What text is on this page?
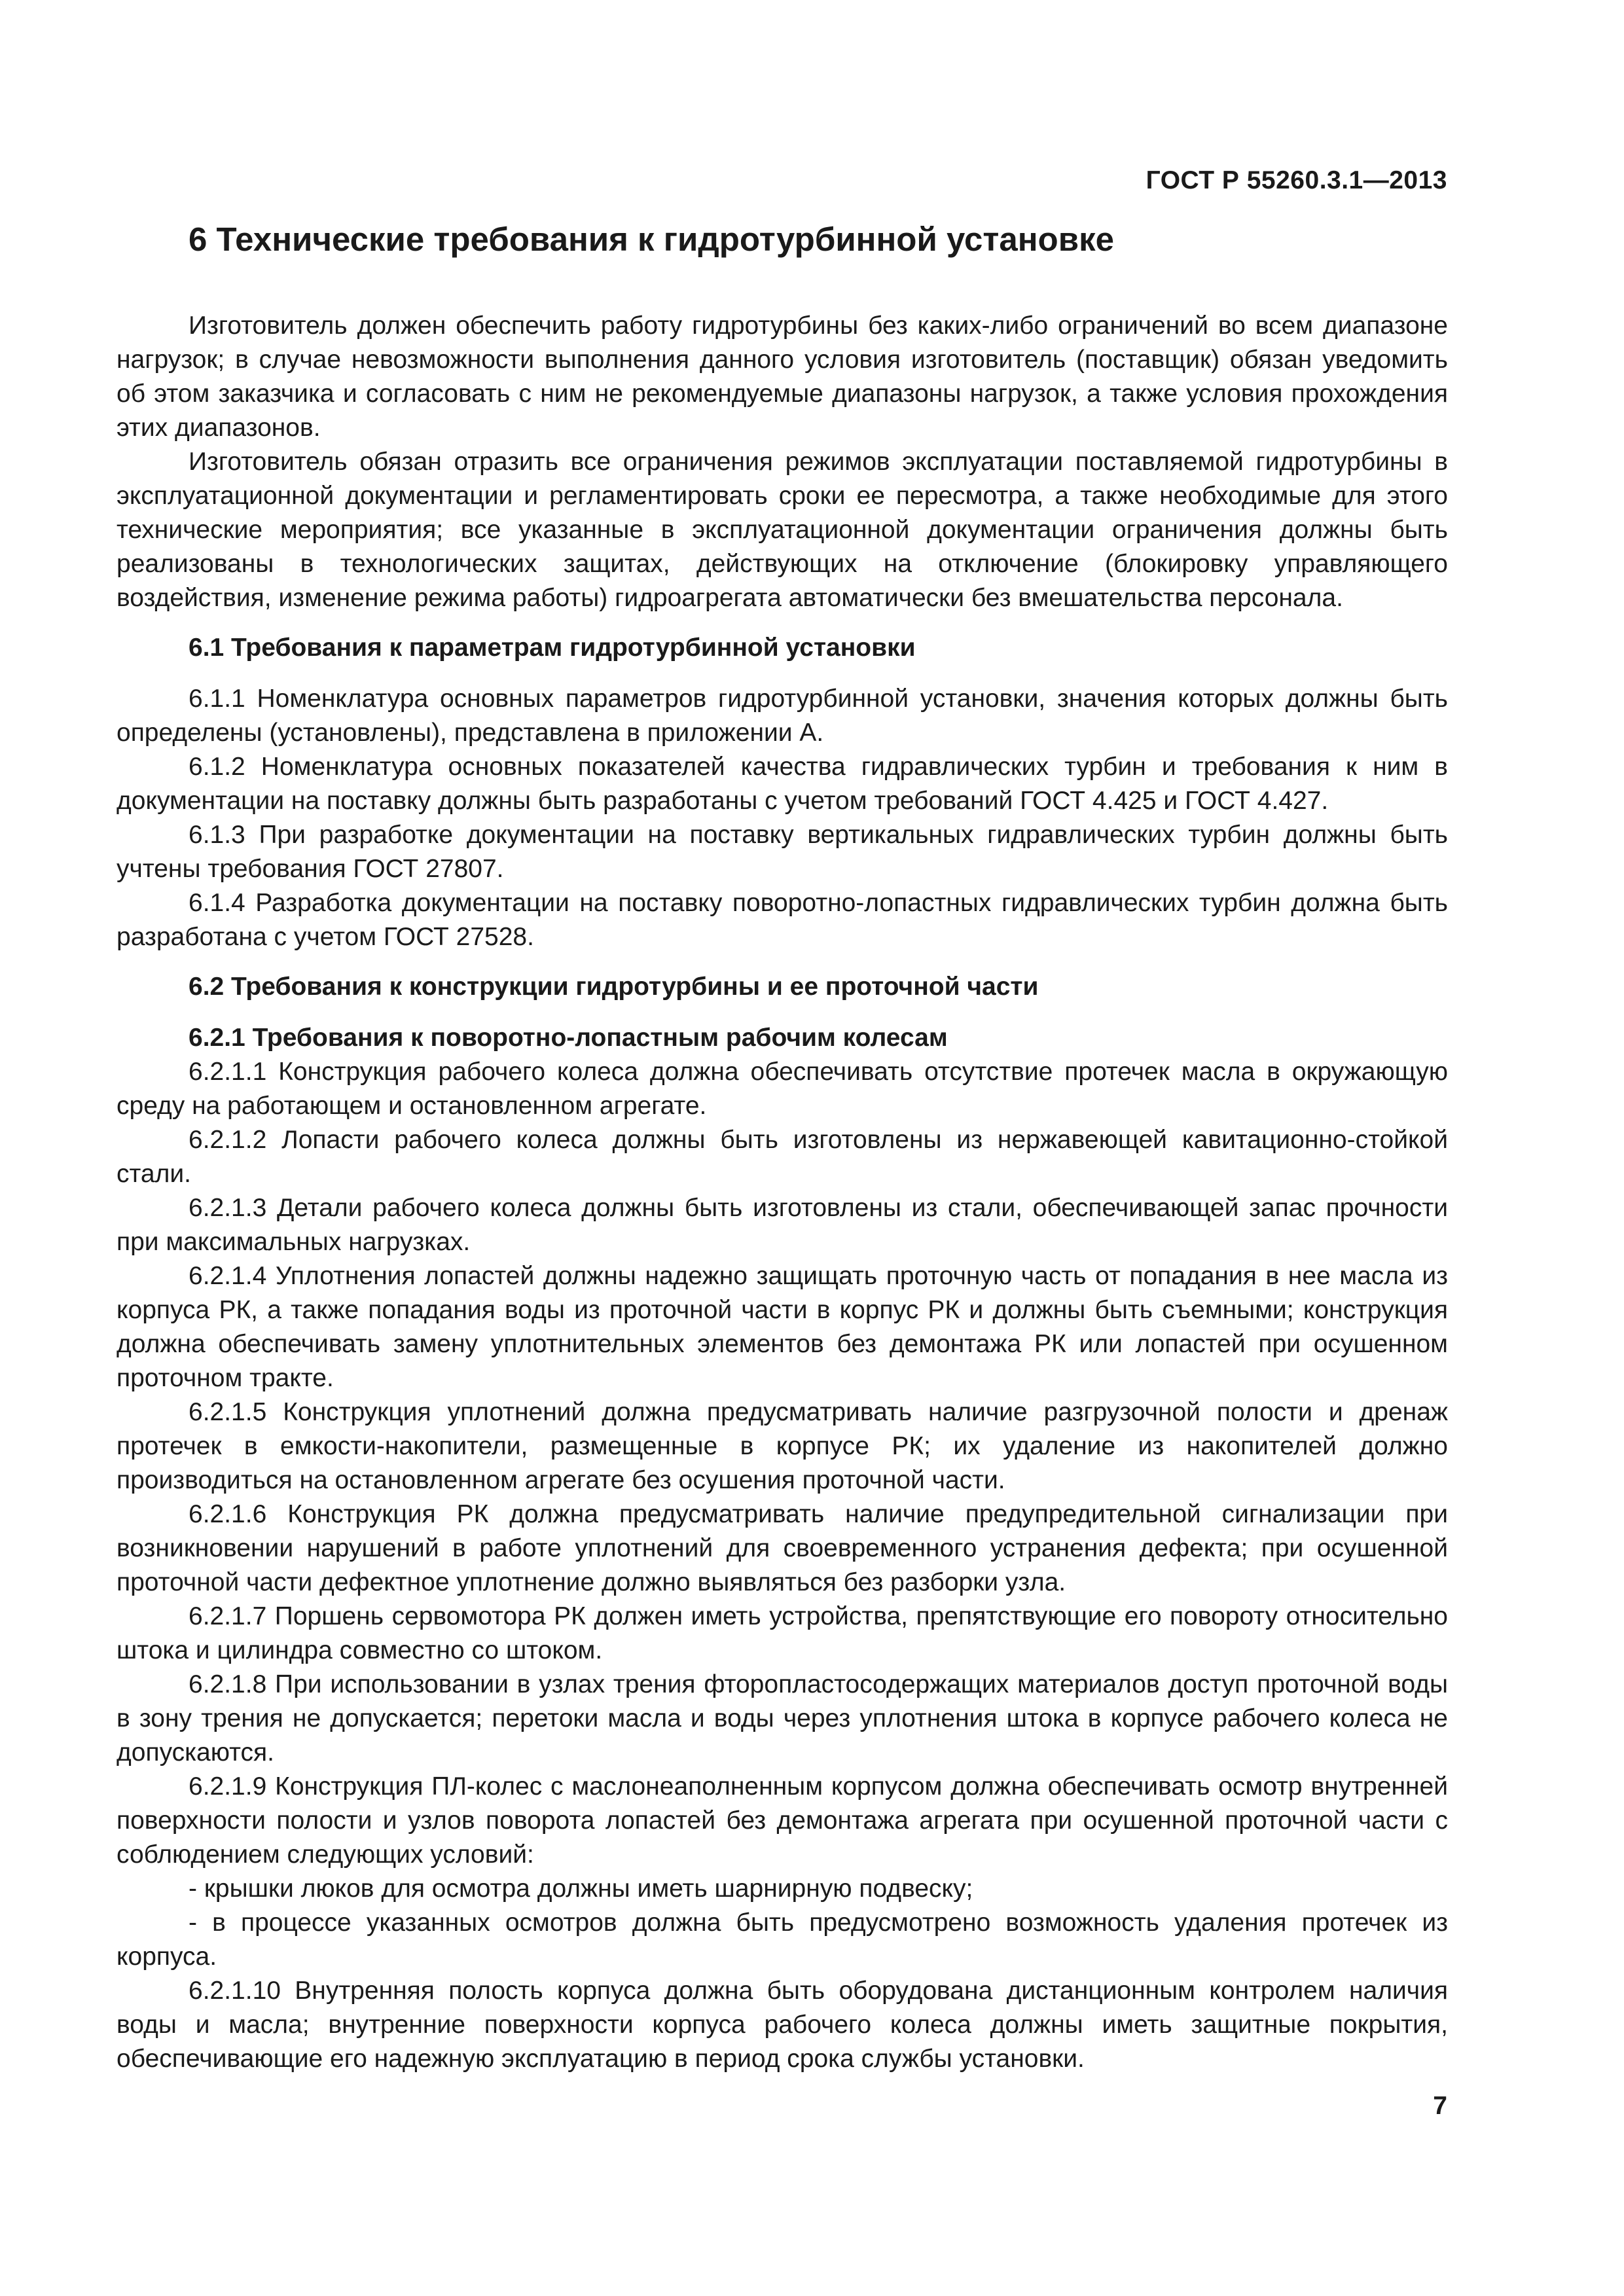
ГОСТ Р 55260.3.1—2013
6 Технические требования к гидротурбинной установке

Изготовитель должен обеспечить работу гидротурбины без каких-либо ограничений во всем диапазоне нагрузок; в случае невозможности выполнения данного условия изготовитель (поставщик) обязан уведомить об этом заказчика и согласовать с ним не рекомендуемые диапазоны нагрузок, а также условия прохождения этих диапазонов.

Изготовитель обязан отразить все ограничения режимов эксплуатации поставляемой гидротурбины в эксплуатационной документации и регламентировать сроки ее пересмотра, а также необходимые для этого технические мероприятия; все указанные в эксплуатационной документации ограничения должны быть реализованы в технологических защитах, действующих на отключение (блокировку управляющего воздействия, изменение режима работы) гидроагрегата автоматически без вмешательства персонала.

6.1 Требования к параметрам гидротурбинной установки

6.1.1 Номенклатура основных параметров гидротурбинной установки, значения которых должны быть определены (установлены), представлена в приложении А.

6.1.2 Номенклатура основных показателей качества гидравлических турбин и требования к ним в документации на поставку должны быть разработаны с учетом требований ГОСТ 4.425 и ГОСТ 4.427.

6.1.3 При разработке документации на поставку вертикальных гидравлических турбин должны быть учтены требования ГОСТ 27807.

6.1.4 Разработка документации на поставку поворотно-лопастных гидравлических турбин должна быть разработана с учетом ГОСТ 27528.

6.2 Требования к конструкции гидротурбины и ее проточной части
6.2.1 Требования к поворотно-лопастным рабочим колесам

6.2.1.1 Конструкция рабочего колеса должна обеспечивать отсутствие протечек масла в окружающую среду на работающем и остановленном агрегате.

6.2.1.2 Лопасти рабочего колеса должны быть изготовлены из нержавеющей кавитационно-стойкой стали.

6.2.1.3 Детали рабочего колеса должны быть изготовлены из стали, обеспечивающей запас прочности при максимальных нагрузках.

6.2.1.4 Уплотнения лопастей должны надежно защищать проточную часть от попадания в нее масла из корпуса РК, а также попадания воды из проточной части в корпус РК и должны быть съемными; конструкция должна обеспечивать замену уплотнительных элементов без демонтажа РК или лопастей при осушенном проточном тракте.

6.2.1.5 Конструкция уплотнений должна предусматривать наличие разгрузочной полости и дренаж протечек в емкости-накопители, размещенные в корпусе РК; их удаление из накопителей должно производиться на остановленном агрегате без осушения проточной части.

6.2.1.6 Конструкция РК должна предусматривать наличие предупредительной сигнализации при возникновении нарушений в работе уплотнений для своевременного устранения дефекта; при осушенной проточной части дефектное уплотнение должно выявляться без разборки узла.

6.2.1.7 Поршень сервомотора РК должен иметь устройства, препятствующие его повороту относительно штока и цилиндра совместно со штоком.

6.2.1.8 При использовании в узлах трения фторопластосодержащих материалов доступ проточной воды в зону трения не допускается; перетоки масла и воды через уплотнения штока в корпусе рабочего колеса не допускаются.

6.2.1.9 Конструкция ПЛ-колес с маслонеаполненным корпусом должна обеспечивать осмотр внутренней поверхности полости и узлов поворота лопастей без демонтажа агрегата при осушенной проточной части с соблюдением следующих условий:

- крышки люков для осмотра должны иметь шарнирную подвеску;

- в процессе указанных осмотров должна быть предусмотрено возможность удаления протечек из корпуса.

6.2.1.10 Внутренняя полость корпуса должна быть оборудована дистанционным контролем наличия воды и масла; внутренние поверхности корпуса рабочего колеса должны иметь защитные покрытия, обеспечивающие его надежную эксплуатацию в период срока службы установки.

7
